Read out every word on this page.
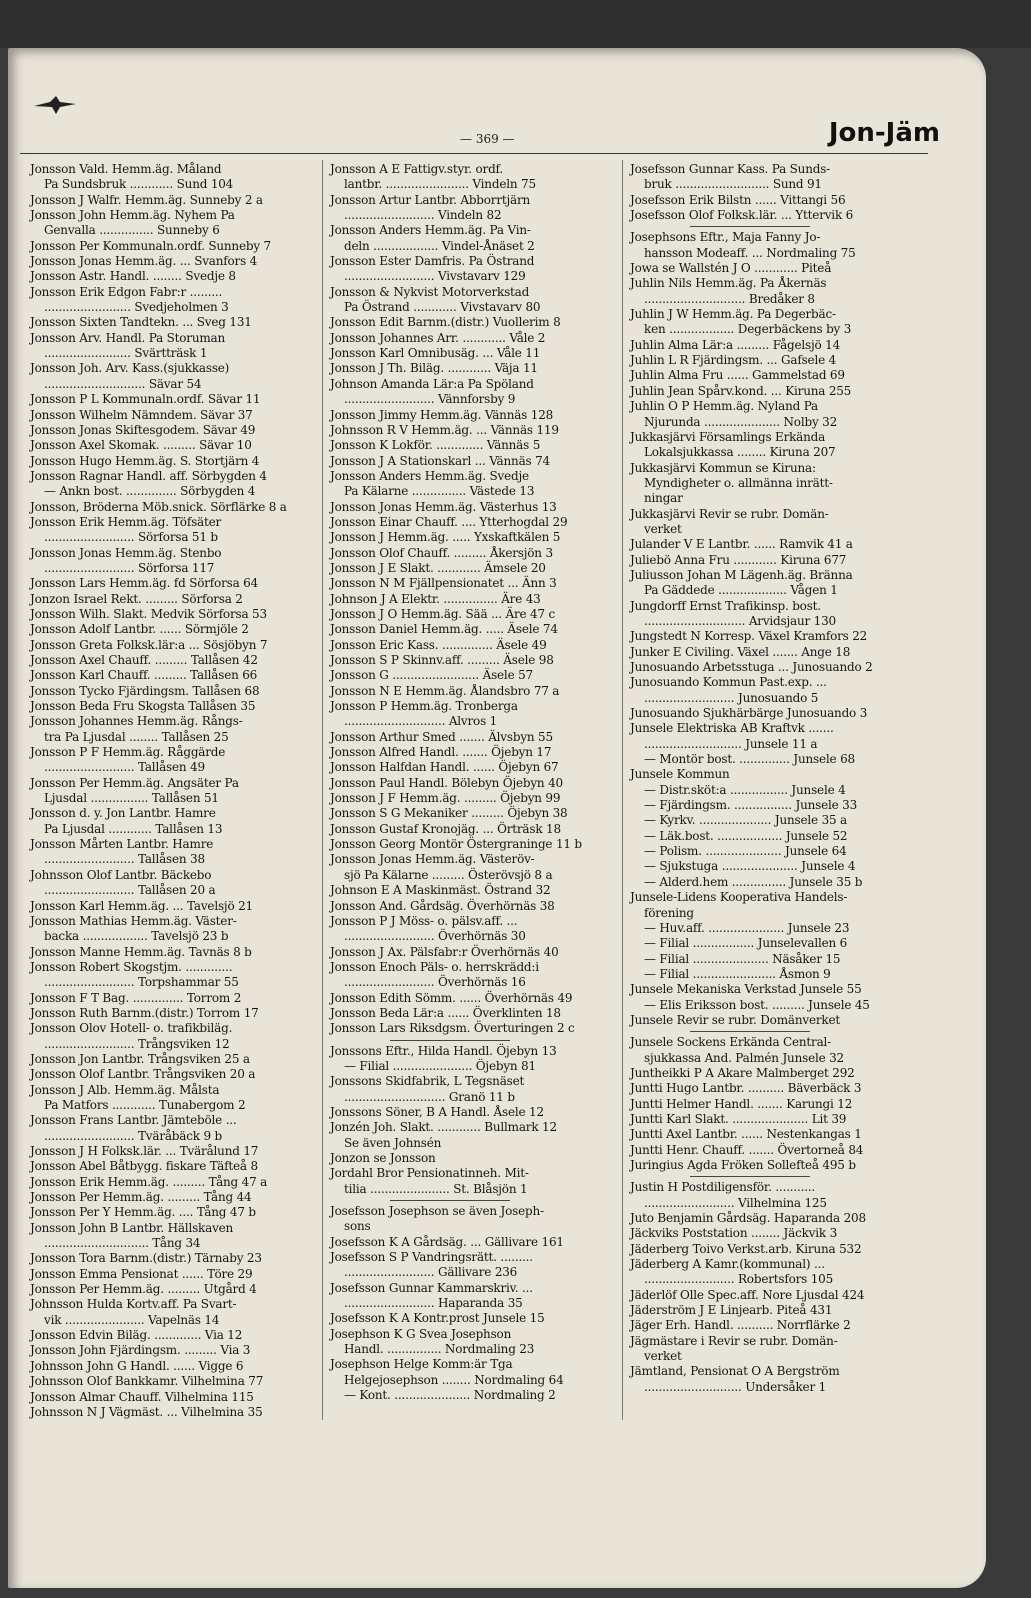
— 369 —	Jon-Jäm
Jonsson Vald. Hemm.äg. Måland
Pa Sundsbruk ............ Sund 104
Jonsson J Walfr. Hemm.äg. Sunneby 2 a
Jonsson John Hemm.äg. Nyhem Pa
Genvalla ............... Sunneby 6
Jonsson Per Kommunaln.ordf. Sunneby 7
Jonsson Jonas Hemm.äg. ... Svanfors 4
Jonsson Astr. Handl. ........ Svedje 8
Jonsson Erik Edgon Fabr:r .........
........................ Svedjeholmen 3
Jonsson Sixten Tandtekn. ... Sveg 131
Jonsson Arv. Handl. Pa Storuman
........................ Svärtträsk 1
Jonsson Joh. Arv. Kass.(sjukkasse)
............................ Sävar 54
Jonsson P L Kommunaln.ordf. Sävar 11
Jonsson Wilhelm Nämndem. Sävar 37
Jonsson Jonas Skiftesgodem. Sävar 49
Jonsson Axel Skomak. ......... Sävar 10
Jonsson Hugo Hemm.äg. S. Stortjärn 4
Jonsson Ragnar Handl. aff. Sörbygden 4
— Ankn bost. .............. Sörbygden 4
Jonsson, Bröderna Möb.snick. Sörflärke 8 a
Jonsson Erik Hemm.äg. Töfsäter
......................... Sörforsa 51 b
Jonsson Jonas Hemm.äg. Stenbo
......................... Sörforsa 117
Jonsson Lars Hemm.äg. fd Sörforsa 64
Jonzon Israel Rekt. ......... Sörforsa 2
Jonsson Wilh. Slakt. Medvik Sörforsa 53
Jonsson Adolf Lantbr. ...... Sörmjöle 2
Jonsson Greta Folksk.lär:a ... Sösjöbyn 7
Jonsson Axel Chauff. ......... Tallåsen 42
Jonsson Karl Chauff. ......... Tallåsen 66
Jonsson Tycko Fjärdingsm. Tallåsen 68
Jonsson Beda Fru Skogsta Tallåsen 35
Jonsson Johannes Hemm.äg. Rångs-
tra Pa Ljusdal ........ Tallåsen 25
Jonsson P F Hemm.äg. Råggärde
......................... Tallåsen 49
Jonsson Per Hemm.äg. Angsäter Pa
Ljusdal ................ Tallåsen 51
Jonsson d. y. Jon Lantbr. Hamre
Pa Ljusdal ............ Tallåsen 13
Jonsson Mårten Lantbr. Hamre
......................... Tallåsen 38
Johnsson Olof Lantbr. Bäckebo
......................... Tallåsen 20 a
Jonsson Karl Hemm.äg. ... Tavelsjö 21
Jonsson Mathias Hemm.äg. Väster-
backa .................. Tavelsjö 23 b
Jonsson Manne Hemm.äg. Tavnäs 8 b
Jonsson Robert Skogstjm. .............
......................... Torpshammar 55
Jonsson F T Bag. .............. Torrom 2
Jonsson Ruth Barnm.(distr.) Torrom 17
Jonsson Olov Hotell- o. trafikbiläg.
......................... Trångsviken 12
Jonsson Jon Lantbr. Trångsviken 25 a
Jonsson Olof Lantbr. Trångsviken 20 a
Jonsson J Alb. Hemm.äg. Målsta
Pa Matfors ............ Tunabergom 2
Jonsson Frans Lantbr. Jämteböle ...
......................... Tväråbäck 9 b
Jonsson J H Folksk.lär. ... Tvärålund 17
Jonsson Abel Båtbygg. fiskare Täfteå 8
Jonsson Erik Hemm.äg. ......... Tång 47 a
Jonsson Per Hemm.äg. ......... Tång 44
Jonsson Per Y Hemm.äg. .... Tång 47 b
Jonsson John B Lantbr. Hällskaven
............................. Tång 34
Jonsson Tora Barnm.(distr.) Tärnaby 23
Jonsson Emma Pensionat ...... Töre 29
Jonsson Per Hemm.äg. ......... Utgård 4
Johnsson Hulda Kortv.aff. Pa Svart-
vik ...................... Vapelnäs 14
Jonsson Edvin Biläg. ............. Via 12
Jonsson John Fjärdingsm. ......... Via 3
Johnsson John G Handl. ...... Vigge 6
Johnsson Olof Bankkamr. Vilhelmina 77
Jonsson Almar Chauff. Vilhelmina 115
Johnsson N J Vägmäst. ... Vilhelmina 35
Jonsson A E Fattigv.styr. ordf.
lantbr. ....................... Vindeln 75
Jonsson Artur Lantbr. Abborrtjärn
......................... Vindeln 82
Jonsson Anders Hemm.äg. Pa Vin-
deln .................. Vindel-Ånäset 2
Jonsson Ester Damfris. Pa Östrand
......................... Vivstavarv 129
Jonsson & Nykvist Motorverkstad
Pa Östrand ............ Vivstavarv 80
Jonsson Edit Barnm.(distr.) Vuollerim 8
Jonsson Johannes Arr. ............ Våle 2
Jonsson Karl Omnibusäg. ... Våle 11
Jonsson J Th. Biläg. ............ Väja 11
Johnson Amanda Lär:a Pa Spöland
......................... Vännforsby 9
Jonsson Jimmy Hemm.äg. Vännäs 128
Johnsson R V Hemm.äg. ... Vännäs 119
Jonsson K Lokför. ............. Vännäs 5
Jonsson J A Stationskarl ... Vännäs 74
Jonsson Anders Hemm.äg. Svedje
Pa Kälarne ............... Västede 13
Jonsson Jonas Hemm.äg. Västerhus 13
Jonsson Einar Chauff. .... Ytterhogdal 29
Jonsson J Hemm.äg. ..... Yxskaftkälen 5
Jonsson Olof Chauff. ......... Åkersjön 3
Jonsson J E Slakt. ............ Ämsele 20
Jonsson N M Fjällpensionatet ... Änn 3
Johnson J A Elektr. ............... Äre 43
Jonsson J O Hemm.äg. Sää ... Äre 47 c
Jonsson Daniel Hemm.äg. ..... Äsele 74
Jonsson Eric Kass. .............. Äsele 49
Jonsson S P Skinnv.aff. ......... Äsele 98
Jonsson G ........................ Äsele 57
Jonsson N E Hemm.äg. Ålandsbro 77 a
Jonsson P Hemm.äg. Tronberga
............................ Alvros 1
Jonsson Arthur Smed ....... Älvsbyn 55
Jonsson Alfred Handl. ....... Öjebyn 17
Jonsson Halfdan Handl. ...... Öjebyn 67
Jonsson Paul Handl. Bölebyn Öjebyn 40
Jonsson J F Hemm.äg. ......... Öjebyn 99
Jonsson S G Mekaniker ......... Öjebyn 38
Jonsson Gustaf Kronojäg. ... Örträsk 18
Jonsson Georg Montör Östergraninge 11 b
Jonsson Jonas Hemm.äg. Västeröv-
sjö Pa Kälarne ......... Österövsjö 8 a
Johnson E A Maskinmäst. Östrand 32
Jonsson And. Gårdsäg. Överhörnäs 38
Jonsson P J Möss- o. pälsv.aff. ...
......................... Överhörnäs 30
Jonsson J Ax. Pälsfabr:r Överhörnäs 40
Jonsson Enoch Päls- o. herrskrädd:i
......................... Överhörnäs 16
Jonsson Edith Sömm. ...... Överhörnäs 49
Jonsson Beda Lär:a ...... Överklinten 18
Jonsson Lars Riksdgsm. Överturingen 2 c
Jonssons Eftr., Hilda Handl. Öjebyn 13
— Filial ...................... Öjebyn 81
Jonssons Skidfabrik, L Tegsnäset
............................ Granö 11 b
Jonssons Söner, B A Handl. Åsele 12
Jonzén Joh. Slakt. ............ Bullmark 12
Se även Johnsén
Jonzon se Jonsson
Jordahl Bror Pensionatinneh. Mit-
tilia ...................... St. Blåsjön 1
Josefsson Josephson se även Joseph-
sons
Josefsson K A Gårdsäg. ... Gällivare 161
Josefsson S P Vandringsrätt. .........
......................... Gällivare 236
Josefsson Gunnar Kammarskriv. ...
......................... Haparanda 35
Josefsson K A Kontr.prost Junsele 15
Josephson K G Svea Josephson
Handl. ............... Nordmaling 23
Josephson Helge Komm:är Tga
Helgejosephson ........ Nordmaling 64
— Kont. ..................... Nordmaling 2
Josefsson Gunnar Kass. Pa Sunds-
bruk .......................... Sund 91
Josefsson Erik Bilstn ...... Vittangi 56
Josefsson Olof Folksk.lär. ... Yttervik 6
Josephsons Eftr., Maja Fanny Jo-
hansson Modeaff. ... Nordmaling 75
Jowa se Wallstén J O ............ Piteå
Juhlin Nils Hemm.äg. Pa Åkernäs
............................ Bredåker 8
Juhlin J W Hemm.äg. Pa Degerbäc-
ken .................. Degerbäckens by 3
Juhlin Alma Lär:a ......... Fågelsjö 14
Juhlin L R Fjärdingsm. ... Gafsele 4
Juhlin Alma Fru ...... Gammelstad 69
Juhlin Jean Spårv.kond. ... Kiruna 255
Juhlin O P Hemm.äg. Nyland Pa
Njurunda ..................... Nolby 32
Jukkasjärvi Församlings Erkända
Lokalsjukkassa ........ Kiruna 207
Jukkasjärvi Kommun se Kiruna:
Myndigheter o. allmänna inrätt-
ningar
Jukkasjärvi Revir se rubr. Domän-
verket
Julander V E Lantbr. ...... Ramvik 41 a
Juliebö Anna Fru ............ Kiruna 677
Juliusson Johan M Lägenh.äg. Bränna
Pa Gäddede ................... Vågen 1
Jungdorff Ernst Trafikinsp. bost.
............................ Arvidsjaur 130
Jungstedt N Korresp. Växel Kramfors 22
Junker E Civiling. Växel ....... Ange 18
Junosuando Arbetsstuga ... Junosuando 2
Junosuando Kommun Past.exp. ...
......................... Junosuando 5
Junosuando Sjukhärbärge Junosuando 3
Junsele Elektriska AB Kraftvk .......
........................... Junsele 11 a
— Montör bost. .............. Junsele 68
Junsele Kommun
— Distr.sköt:a ................ Junsele 4
— Fjärdingsm. ................ Junsele 33
— Kyrkv. .................... Junsele 35 a
— Läk.bost. .................. Junsele 52
— Polism. ..................... Junsele 64
— Sjukstuga ..................... Junsele 4
— Alderd.hem ............... Junsele 35 b
Junsele-Lidens Kooperativa Handels-
förening
— Huv.aff. ..................... Junsele 23
— Filial ................. Junselevallen 6
— Filial ..................... Näsåker 15
— Filial ....................... Åsmon 9
Junsele Mekaniska Verkstad Junsele 55
— Elis Eriksson bost. ......... Junsele 45
Junsele Revir se rubr. Domänverket
Junsele Sockens Erkända Central-
sjukkassa And. Palmén Junsele 32
Juntheikki P A Akare Malmberget 292
Juntti Hugo Lantbr. .......... Bäverbäck 3
Juntti Helmer Handl. ....... Karungi 12
Juntti Karl Slakt. ..................... Lit 39
Juntti Axel Lantbr. ...... Nestenkangas 1
Juntti Henr. Chauff. ....... Övertorneå 84
Juringius Agda Fröken Sollefteå 495 b
Justin H Postdiligensför. ...........
......................... Vilhelmina 125
Juto Benjamin Gårdsäg. Haparanda 208
Jäckviks Poststation ........ Jäckvik 3
Jäderberg Toivo Verkst.arb. Kiruna 532
Jäderberg A Kamr.(kommunal) ...
......................... Robertsfors 105
Jäderlöf Olle Spec.aff. Nore Ljusdal 424
Jäderström J E Linjearb. Piteå 431
Jäger Erh. Handl. .......... Norrflärke 2
Jägmästare i Revir se rubr. Domän-
verket
Jämtland, Pensionat O A Bergström
........................... Undersåker 1
